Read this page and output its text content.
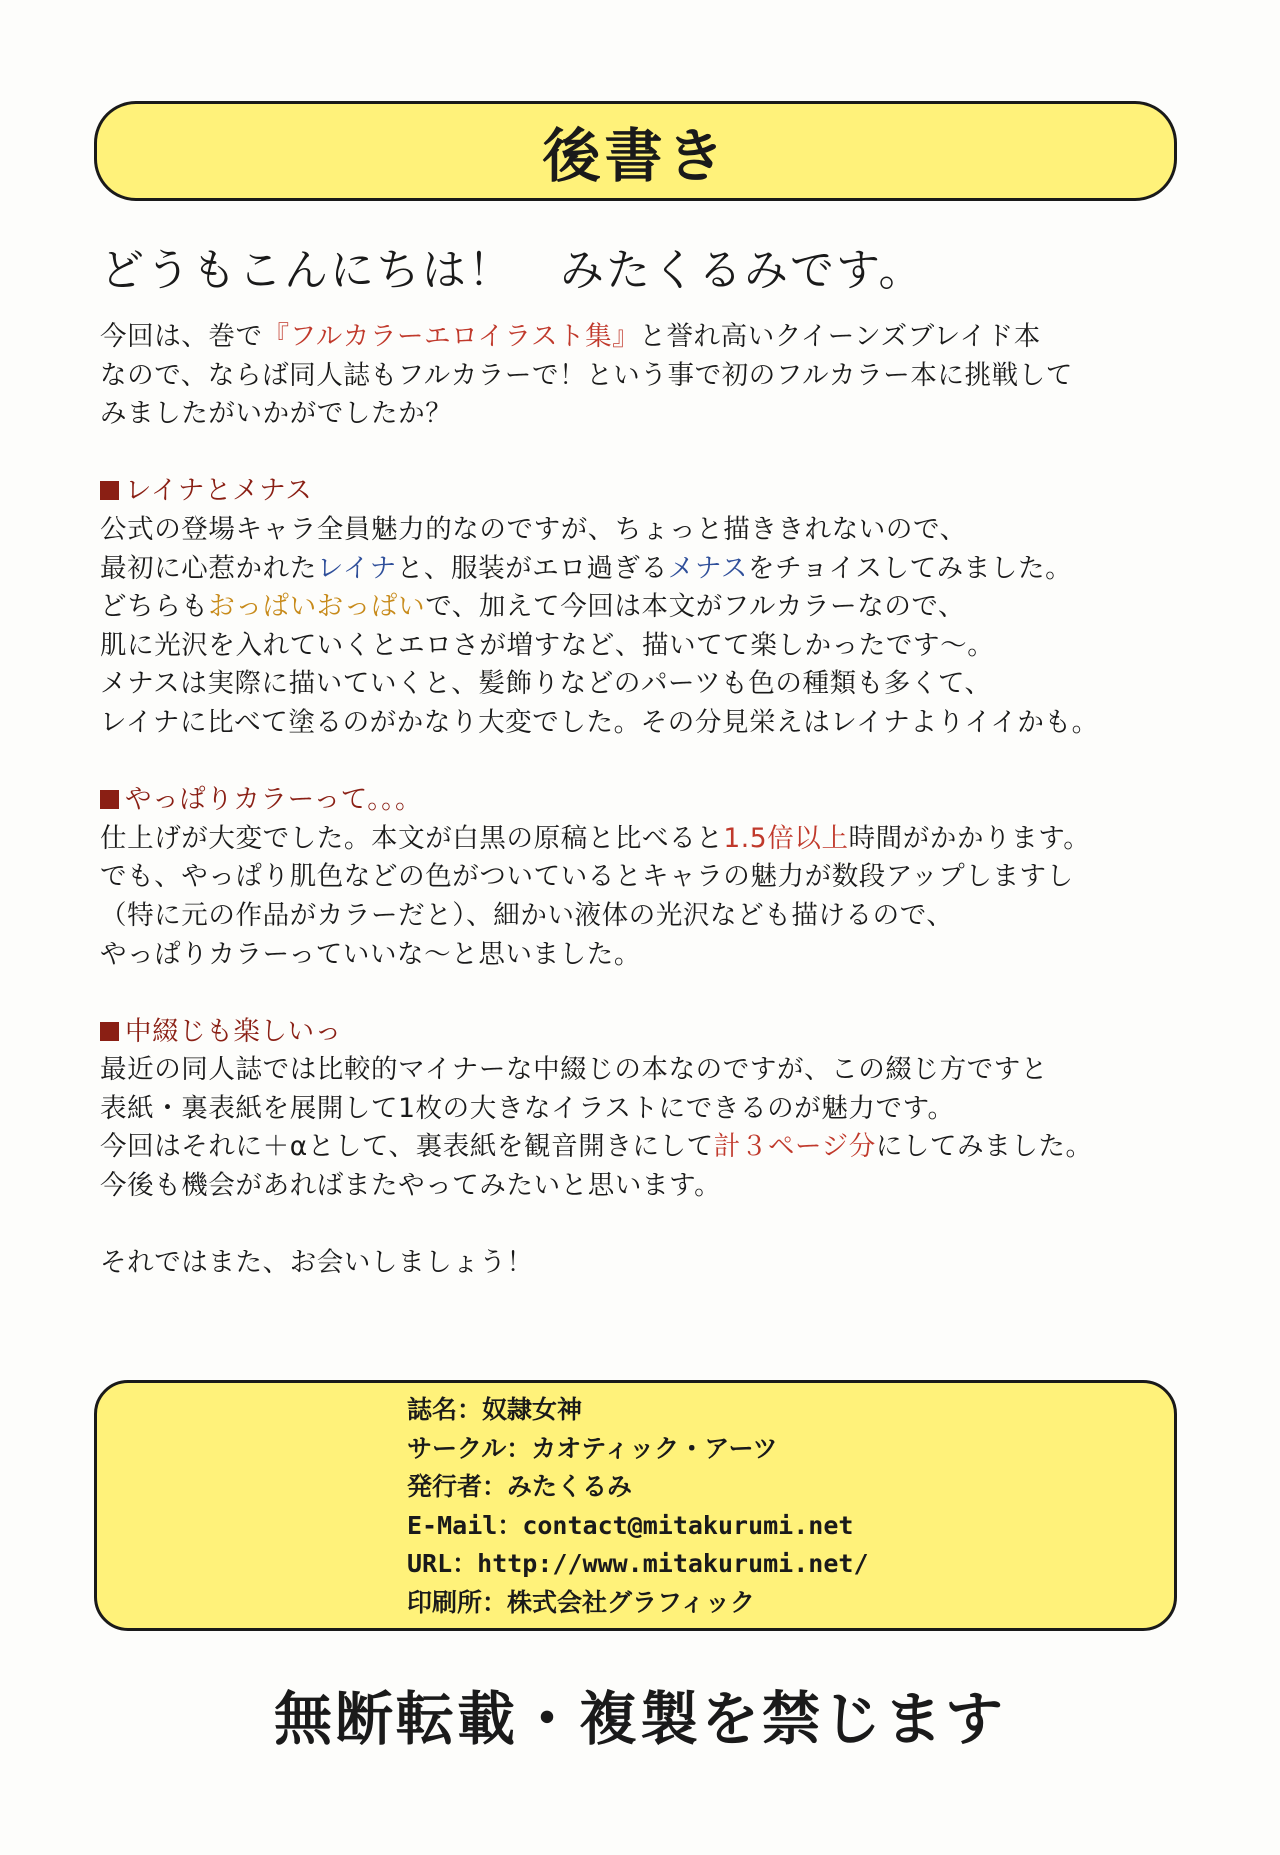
後書き
どうもこんにちは！　みたくるみです。
今回は、巻で『フルカラーエロイラスト集』と誉れ高いクイーンズブレイド本
なので、ならば同人誌もフルカラーで！という事で初のフルカラー本に挑戦して
みましたがいかがでしたか？
レイナとメナス
公式の登場キャラ全員魅力的なのですが、ちょっと描ききれないので、
最初に心惹かれたレイナと、服装がエロ過ぎるメナスをチョイスしてみました。
どちらもおっぱいおっぱいで、加えて今回は本文がフルカラーなので、
肌に光沢を入れていくとエロさが増すなど、描いてて楽しかったです～。
メナスは実際に描いていくと、髪飾りなどのパーツも色の種類も多くて、
レイナに比べて塗るのがかなり大変でした。その分見栄えはレイナよりイイかも。
やっぱりカラーって。。。
仕上げが大変でした。本文が白黒の原稿と比べると1.5倍以上時間がかかります。
でも、やっぱり肌色などの色がついているとキャラの魅力が数段アップしますし
（特に元の作品がカラーだと）、細かい液体の光沢なども描けるので、
やっぱりカラーっていいな～と思いました。
中綴じも楽しいっ
最近の同人誌では比較的マイナーな中綴じの本なのですが、この綴じ方ですと
表紙・裏表紙を展開して1枚の大きなイラストにできるのが魅力です。
今回はそれに＋αとして、裏表紙を観音開きにして計３ページ分にしてみました。
今後も機会があればまたやってみたいと思います。
それではまた、お会いしましょう！
誌名：奴隷女神
サークル：カオティック・アーツ
発行者：みたくるみ
E-Mail：contact@mitakurumi.net
URL：http://www.mitakurumi.net/
印刷所：株式会社グラフィック
無断転載・複製を禁じます
